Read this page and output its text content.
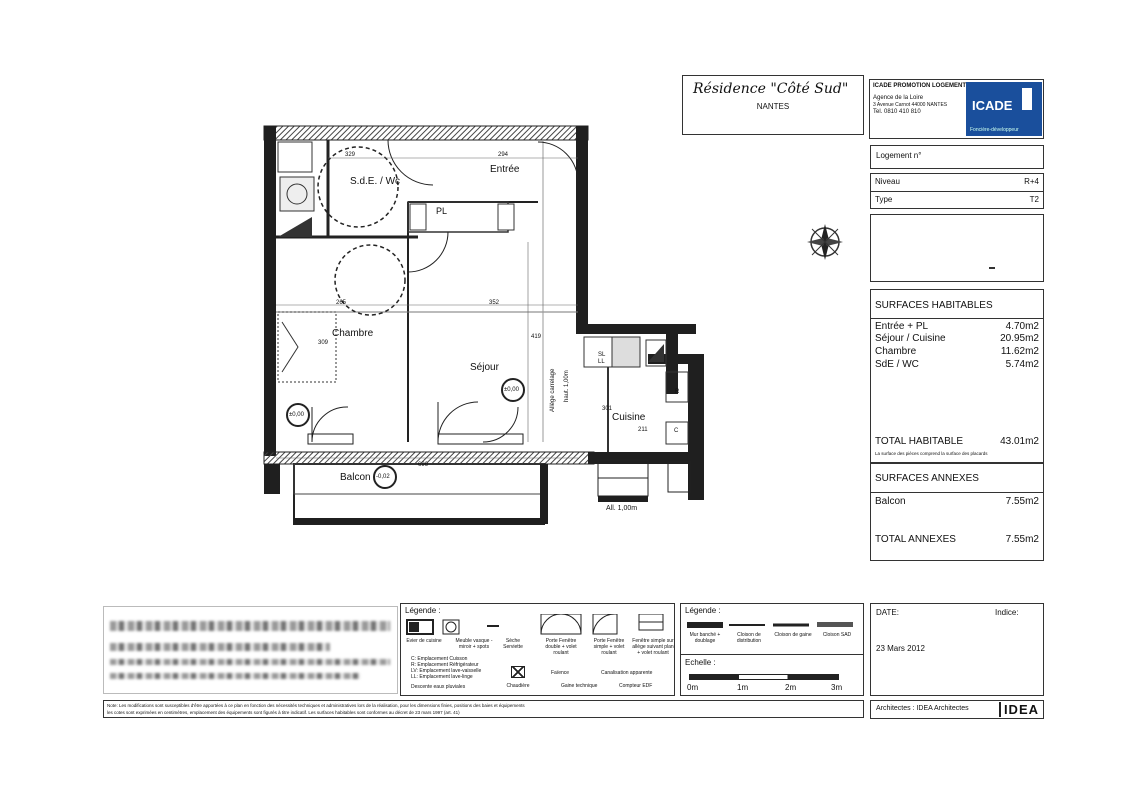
S.d.E. / Wc
Entrée
PL
Chambre
Séjour
Cuisine
Balcon
329	294
265	352
419
309
301
211
696
±0,00
±0,00
-0,02
SL
LL
R
C
Allège carrelage haut. 1,00m
All. 1,00m
Résidence "Côté Sud"
NANTES
ICADE PROMOTION LOGEMENT
Agence de la Loire
3 Avenue Carnot 44000 NANTES
Tel. 0810 410 810	ICADE
Foncière-développeur
Logement n°
Niveau	R+4
Type	T2
SURFACES HABITABLES
Entrée + PL	4.70m2
Séjour / Cuisine	20.95m2
Chambre	11.62m2
SdE / WC	5.74m2
TOTAL HABITABLE	43.01m2
La surface des pièces comprend la surface des placards
SURFACES ANNEXES
Balcon	7.55m2
TOTAL ANNEXES	7.55m2
Légende :
Evier de cuisine	Meuble vasque - miroir + spots
Sèche Serviette
Porte Fenêtre double + volet roulant
Porte Fenêtre simple + volet roulant
Fenêtre simple sur allège suivant plan + volet roulant
C: Emplacement Cuisson
R: Emplacement Réfrigérateur
LV: Emplacement lave-vaisselle
LL: Emplacement lave-linge
Descente eaux pluviales	Chaudière
Faïence	Canalisation apparente
Gaine technique	Compteur EDF
Légende :
Mur banché + doublage
Cloison de distribution
Cloison de gaine	Cloison SAD
Echelle :
0m	1m	2m	3m
DATE:	Indice:
23 Mars 2012
Note: Les modifications sont susceptibles d'être apportées à ce plan en fonction des nécessités techniques et administratives lors de la réalisation, pour les dimensions finies, positions des baies et équipements
les cotes sont exprimées en centimètres, emplacement des équipements sont figurés à titre indicatif. Les surfaces habitables sont conformes au décret de 23 mars 1997 (art. 41)
Architectes : IDEA Architectes	IDEA
